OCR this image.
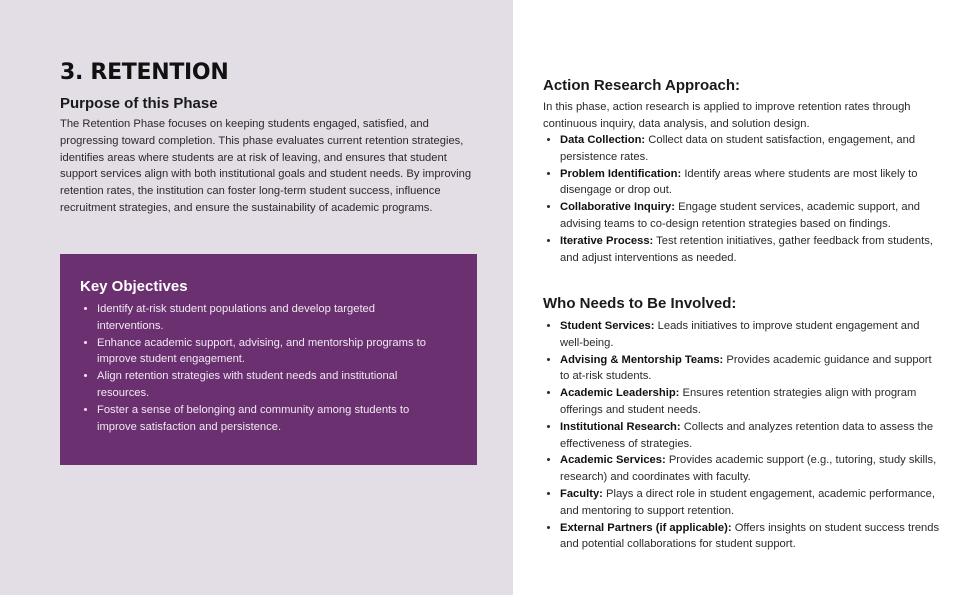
3. RETENTION
Purpose of this Phase

The Retention Phase focuses on keeping students engaged, satisfied, and progressing toward completion. This phase evaluates current retention strategies, identifies areas where students are at risk of leaving, and ensures that student support services align with both institutional goals and student needs. By improving retention rates, the institution can foster long-term student success, influence recruitment strategies, and ensure the sustainability of academic programs.

Key Objectives
• Identify at-risk student populations and develop targeted interventions.
• Enhance academic support, advising, and mentorship programs to improve student engagement.
• Align retention strategies with student needs and institutional resources.
• Foster a sense of belonging and community among students to improve satisfaction and persistence.
Action Research Approach:

In this phase, action research is applied to improve retention rates through continuous inquiry, data analysis, and solution design.

• Data Collection: Collect data on student satisfaction, engagement, and persistence rates.
• Problem Identification: Identify areas where students are most likely to disengage or drop out.
• Collaborative Inquiry: Engage student services, academic support, and advising teams to co-design retention strategies based on findings.
• Iterative Process: Test retention initiatives, gather feedback from students, and adjust interventions as needed.
Who Needs to Be Involved:
• Student Services: Leads initiatives to improve student engagement and well-being.
• Advising & Mentorship Teams: Provides academic guidance and support to at-risk students.
• Academic Leadership: Ensures retention strategies align with program offerings and student needs.
• Institutional Research: Collects and analyzes retention data to assess the effectiveness of strategies.
• Academic Services: Provides academic support (e.g., tutoring, study skills, research) and coordinates with faculty.
• Faculty: Plays a direct role in student engagement, academic performance, and mentoring to support retention.
• External Partners (if applicable): Offers insights on student success trends and potential collaborations for student support.
